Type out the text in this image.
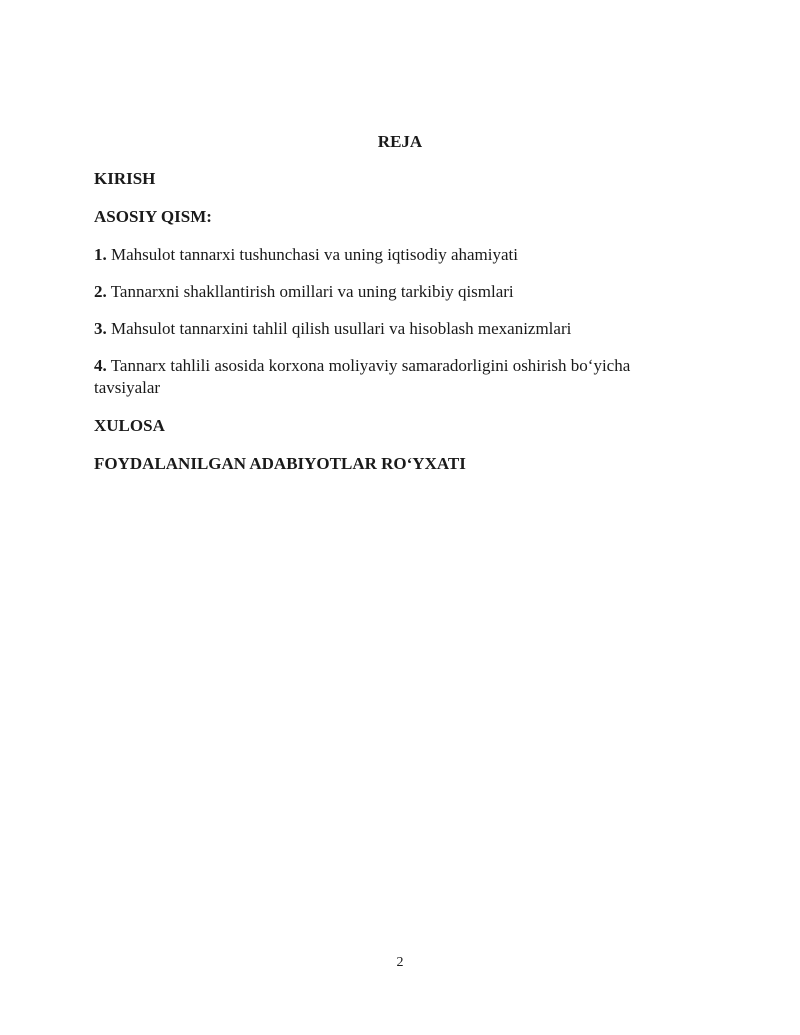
REJA
KIRISH
ASOSIY QISM:
1. Mahsulot tannarxi tushunchasi va uning iqtisodiy ahamiyati
2. Tannarxni shakllantirish omillari va uning tarkibiy qismlari
3. Mahsulot tannarxini tahlil qilish usullari va hisoblash mexanizmlari
4. Tannarx tahlili asosida korxona moliyaviy samaradorligini oshirish bo‘yicha tavsiyalar
XULOSA
FOYDALANILGAN ADABIYOTLAR RO‘YXATI
2
